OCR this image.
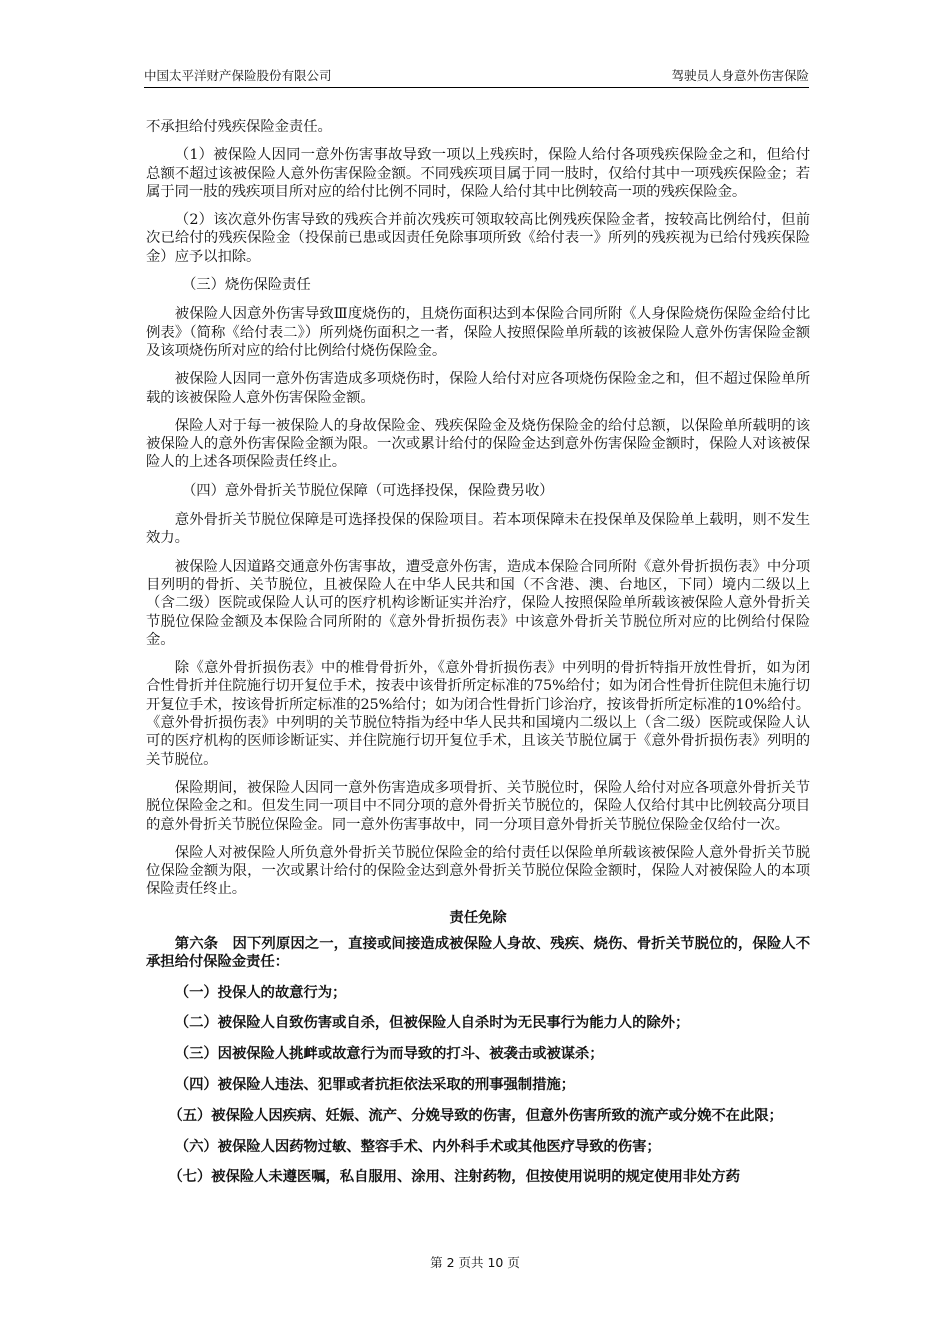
中国太平洋财产保险股份有限公司	驾驶员人身意外伤害保险

不承担给付残疾保险金责任。

（1）被保险人因同一意外伤害事故导致一项以上残疾时，保险人给付各项残疾保险金之和，但给付总额不超过该被保险人意外伤害保险金额。不同残疾项目属于同一肢时，仅给付其中一项残疾保险金；若属于同一肢的残疾项目所对应的给付比例不同时，保险人给付其中比例较高一项的残疾保险金。

（2）该次意外伤害导致的残疾合并前次残疾可领取较高比例残疾保险金者，按较高比例给付，但前次已给付的残疾保险金（投保前已患或因责任免除事项所致《给付表一》所列的残疾视为已给付残疾保险金）应予以扣除。

（三）烧伤保险责任

被保险人因意外伤害导致Ⅲ度烧伤的，且烧伤面积达到本保险合同所附《人身保险烧伤保险金给付比例表》（简称《给付表二》）所列烧伤面积之一者，保险人按照保险单所载的该被保险人意外伤害保险金额及该项烧伤所对应的给付比例给付烧伤保险金。

被保险人因同一意外伤害造成多项烧伤时，保险人给付对应各项烧伤保险金之和，但不超过保险单所载的该被保险人意外伤害保险金额。

保险人对于每一被保险人的身故保险金、残疾保险金及烧伤保险金的给付总额，以保险单所载明的该被保险人的意外伤害保险金额为限。一次或累计给付的保险金达到意外伤害保险金额时，保险人对该被保险人的上述各项保险责任终止。

（四）意外骨折关节脱位保障（可选择投保，保险费另收）

意外骨折关节脱位保障是可选择投保的保险项目。若本项保障未在投保单及保险单上载明，则不发生效力。

被保险人因道路交通意外伤害事故，遭受意外伤害，造成本保险合同所附《意外骨折损伤表》中分项目列明的骨折、关节脱位，且被保险人在中华人民共和国（不含港、澳、台地区，下同）境内二级以上（含二级）医院或保险人认可的医疗机构诊断证实并治疗，保险人按照保险单所载该被保险人意外骨折关节脱位保险金额及本保险合同所附的《意外骨折损伤表》中该意外骨折关节脱位所对应的比例给付保险金。

除《意外骨折损伤表》中的椎骨骨折外，《意外骨折损伤表》中列明的骨折特指开放性骨折，如为闭合性骨折并住院施行切开复位手术，按表中该骨折所定标准的75%给付；如为闭合性骨折住院但未施行切开复位手术，按该骨折所定标准的25%给付；如为闭合性骨折门诊治疗，按该骨折所定标准的10%给付。《意外骨折损伤表》中列明的关节脱位特指为经中华人民共和国境内二级以上（含二级）医院或保险人认可的医疗机构的医师诊断证实、并住院施行切开复位手术，且该关节脱位属于《意外骨折损伤表》列明的关节脱位。

保险期间，被保险人因同一意外伤害造成多项骨折、关节脱位时，保险人给付对应各项意外骨折关节脱位保险金之和。但发生同一项目中不同分项的意外骨折关节脱位的，保险人仅给付其中比例较高分项目的意外骨折关节脱位保险金。同一意外伤害事故中，同一分项目意外骨折关节脱位保险金仅给付一次。

保险人对被保险人所负意外骨折关节脱位保险金的给付责任以保险单所载该被保险人意外骨折关节脱位保险金额为限，一次或累计给付的保险金达到意外骨折关节脱位保险金额时，保险人对被保险人的本项保险责任终止。

责任免除

第六条　因下列原因之一，直接或间接造成被保险人身故、残疾、烧伤、骨折关节脱位的，保险人不承担给付保险金责任：

（一）投保人的故意行为；

（二）被保险人自致伤害或自杀，但被保险人自杀时为无民事行为能力人的除外；

（三）因被保险人挑衅或故意行为而导致的打斗、被袭击或被谋杀；

（四）被保险人违法、犯罪或者抗拒依法采取的刑事强制措施；

（五）被保险人因疾病、妊娠、流产、分娩导致的伤害，但意外伤害所致的流产或分娩不在此限；

（六）被保险人因药物过敏、整容手术、内外科手术或其他医疗导致的伤害；

（七）被保险人未遵医嘱，私自服用、涂用、注射药物，但按使用说明的规定使用非处方药

第 2 页共 10 页
